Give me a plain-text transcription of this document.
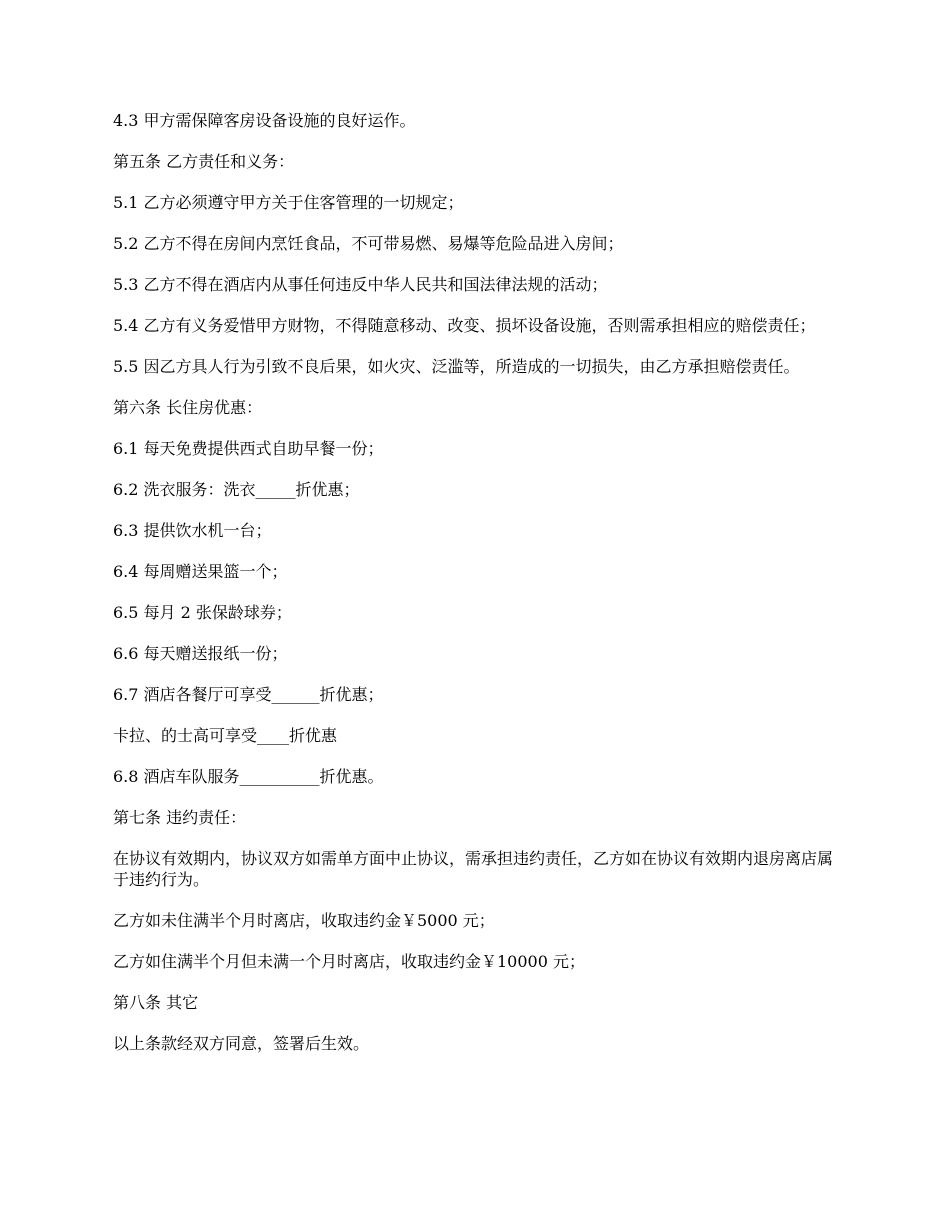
4.3 甲方需保障客房设备设施的良好运作。

第五条 乙方责任和义务：

5.1 乙方必须遵守甲方关于住客管理的一切规定；

5.2 乙方不得在房间内烹饪食品，不可带易燃、易爆等危险品进入房间；

5.3 乙方不得在酒店内从事任何违反中华人民共和国法律法规的活动；

5.4 乙方有义务爱惜甲方财物，不得随意移动、改变、损坏设备设施，否则需承担相应的赔偿责任；

5.5 因乙方具人行为引致不良后果，如火灾、泛滥等，所造成的一切损失，由乙方承担赔偿责任。

第六条 长住房优惠：

6.1 每天免费提供西式自助早餐一份；

6.2 洗衣服务：洗衣_____折优惠；

6.3 提供饮水机一台；

6.4 每周赠送果篮一个；

6.5 每月 2 张保龄球券；

6.6 每天赠送报纸一份；

6.7 酒店各餐厅可享受______折优惠；

卡拉、的士高可享受____折优惠

6.8 酒店车队服务__________折优惠。

第七条 违约责任：

在协议有效期内，协议双方如需单方面中止协议，需承担违约责任，乙方如在协议有效期内退房离店属于违约行为。

乙方如未住满半个月时离店，收取违约金￥5000 元；

乙方如住满半个月但未满一个月时离店，收取违约金￥10000 元；

第八条 其它

以上条款经双方同意，签署后生效。
